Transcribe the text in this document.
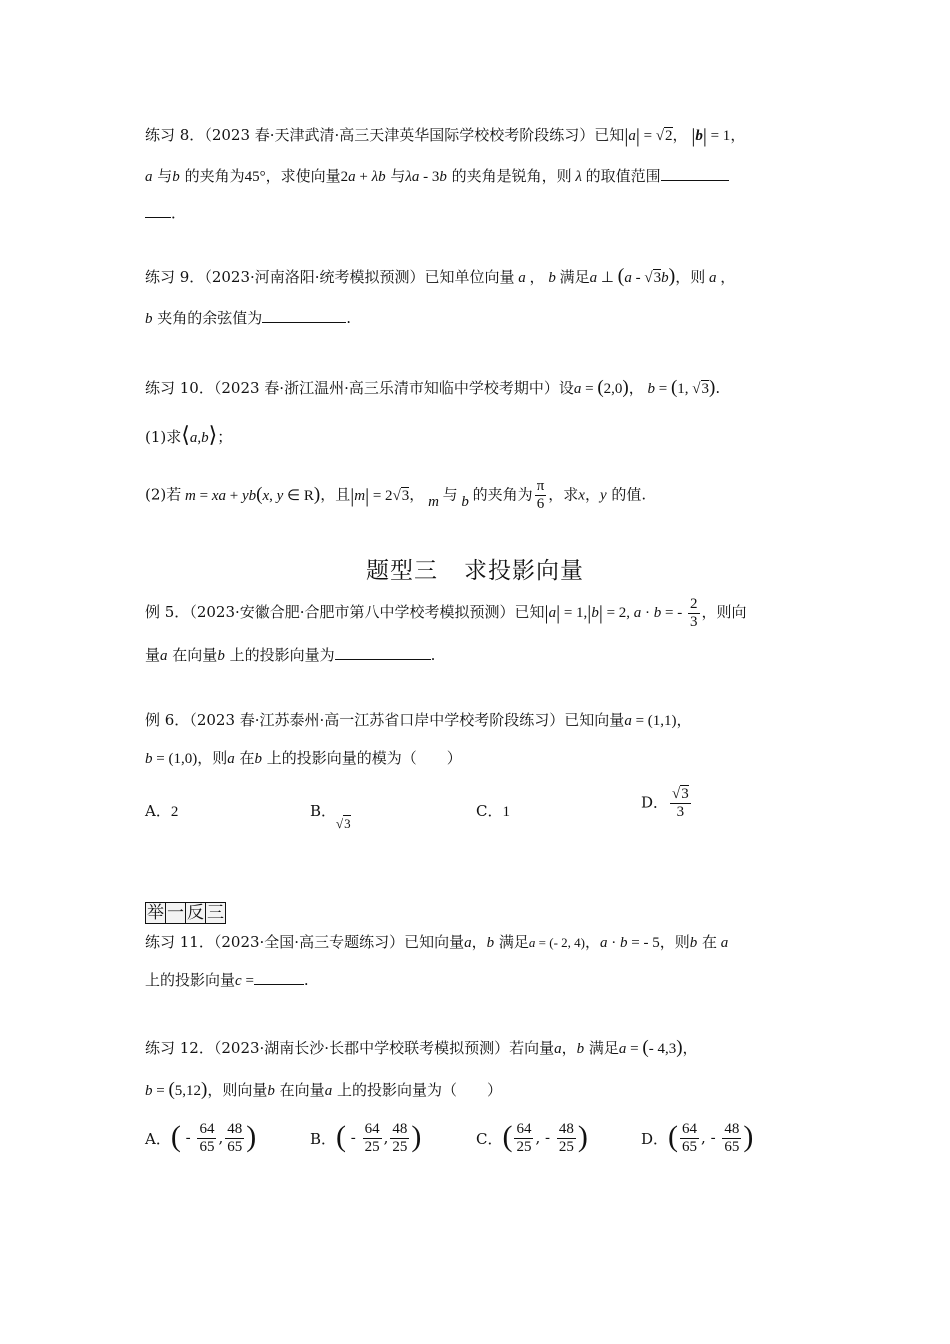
练习 8．（2023 春·天津武清·高三天津英华国际学校校考阶段练习）已知|a| = √2， |b| = 1，
a 与b 的夹角为45°，求使向量2a + λb 与λa - 3b 的夹角是锐角，则 λ 的取值范围
．
练习 9．（2023·河南洛阳·统考模拟预测）已知单位向量 a ， b 满足a ⊥ (a - √3b)，则 a ，
b 夹角的余弦值为	.
练习 10．（2023 春·浙江温州·高三乐清市知临中学校考期中）设a = (2,0)， b = (1, √3).
(1)求⟨a,b⟩；
(2)若 m = xa + yb(x, y ∈ R)，且|m| = 2√3， m 与 b 的夹角为 $\frac{\pi}{6}$ ，求x，y 的值.
题型三 求投影向量
例 5．（2023·安徽合肥·合肥市第八中学校考模拟预测）已知|a| = 1,|b| = 2, a · b = - $\frac{2}{3}$ ，则向
量a 在向量b 上的投影向量为	.
例 6．（2023 春·江苏泰州·高一江苏省口岸中学校考阶段练习）已知向量a = (1,1)，
b = (1,0)，则a 在b 上的投影向量的模为（　　）
A．2	B．√3
C．1
D． $\frac{√3}{3}$
举 一 反 三
练习 11．（2023·全国·高三专题练习）已知向量a，b 满足a = (- 2, 4)，a · b = - 5，则b 在 a
上的投影向量c =	.
练习 12．（2023·湖南长沙·长郡中学校联考模拟预测）若向量a，b 满足a = (- 4,3)，
b = (5,12)，则向量b 在向量a 上的投影向量为（　　）
A．( - $\frac{64}{65}$ , $\frac{48}{65}$ )	B．( - $\frac{64}{25}$ , $\frac{48}{25}$ )	C．( $\frac{64}{25}$ , - $\frac{48}{25}$ )	D．( $\frac{64}{65}$ , - $\frac{48}{65}$ )
